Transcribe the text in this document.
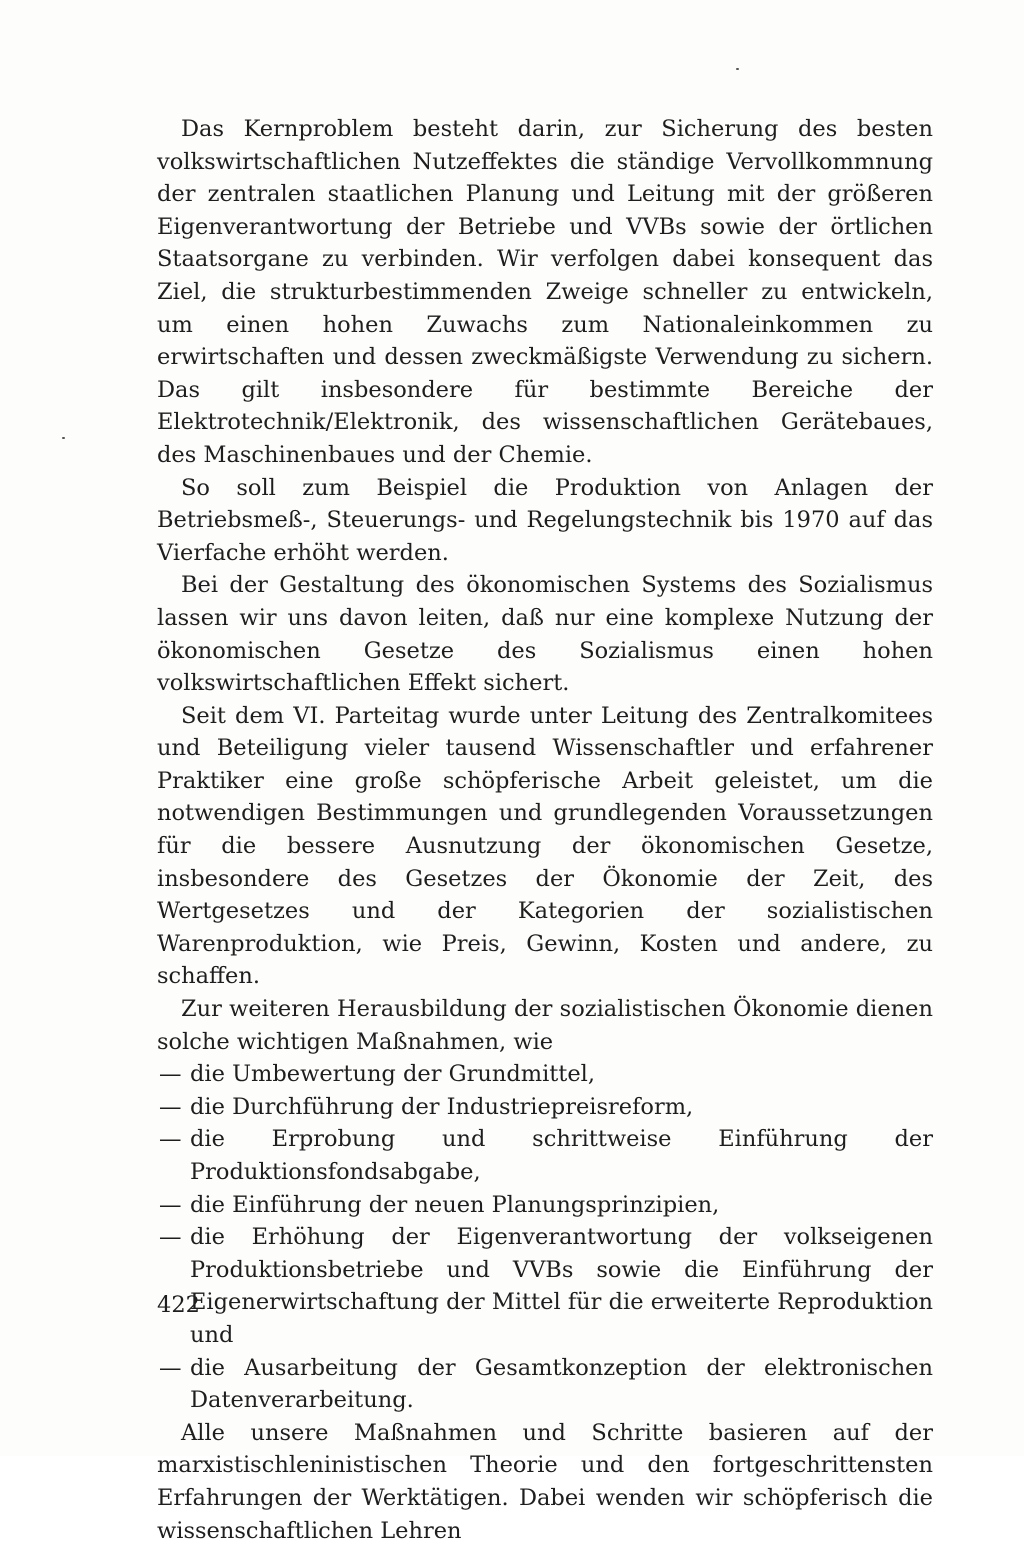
Das Kernproblem besteht darin, zur Sicherung des besten volkswirtschaftlichen Nutzeffektes die ständige Vervollkommnung der zentralen staatlichen Planung und Leitung mit der größeren Eigenverantwortung der Betriebe und VVBs sowie der örtlichen Staatsorgane zu verbinden. Wir verfolgen dabei konsequent das Ziel, die strukturbestimmenden Zweige schneller zu entwickeln, um einen hohen Zuwachs zum Nationaleinkommen zu erwirtschaften und dessen zweckmäßigste Verwendung zu sichern. Das gilt insbesondere für bestimmte Bereiche der Elektrotechnik/Elektronik, des wissenschaftlichen Gerätebaues, des Maschinenbaues und der Chemie.

So soll zum Beispiel die Produktion von Anlagen der Betriebsmeß-, Steuerungs- und Regelungstechnik bis 1970 auf das Vierfache erhöht werden.

Bei der Gestaltung des ökonomischen Systems des Sozialismus lassen wir uns davon leiten, daß nur eine komplexe Nutzung der ökonomischen Gesetze des Sozialismus einen hohen volkswirtschaftlichen Effekt sichert.

Seit dem VI. Parteitag wurde unter Leitung des Zentralkomitees und Beteiligung vieler tausend Wissenschaftler und erfahrener Praktiker eine große schöpferische Arbeit geleistet, um die notwendigen Bestimmungen und grundlegenden Voraussetzungen für die bessere Ausnutzung der ökonomischen Gesetze, insbesondere des Gesetzes der Ökonomie der Zeit, des Wertgesetzes und der Kategorien der sozialistischen Warenproduktion, wie Preis, Gewinn, Kosten und andere, zu schaffen.

Zur weiteren Herausbildung der sozialistischen Ökonomie dienen solche wichtigen Maßnahmen, wie

— die Umbewertung der Grundmittel,
— die Durchführung der Industriepreisreform,
— die Erprobung und schrittweise Einführung der Produktionsfondsabgabe,
— die Einführung der neuen Planungsprinzipien,
— die Erhöhung der Eigenverantwortung der volkseigenen Produktionsbetriebe und VVBs sowie die Einführung der Eigenerwirtschaftung der Mittel für die erweiterte Reproduktion und
— die Ausarbeitung der Gesamtkonzeption der elektronischen Datenverarbeitung.

Alle unsere Maßnahmen und Schritte basieren auf der marxistischleninistischen Theorie und den fortgeschrittensten Erfahrungen der Werktätigen. Dabei wenden wir schöpferisch die wissenschaftlichen Lehren

422
